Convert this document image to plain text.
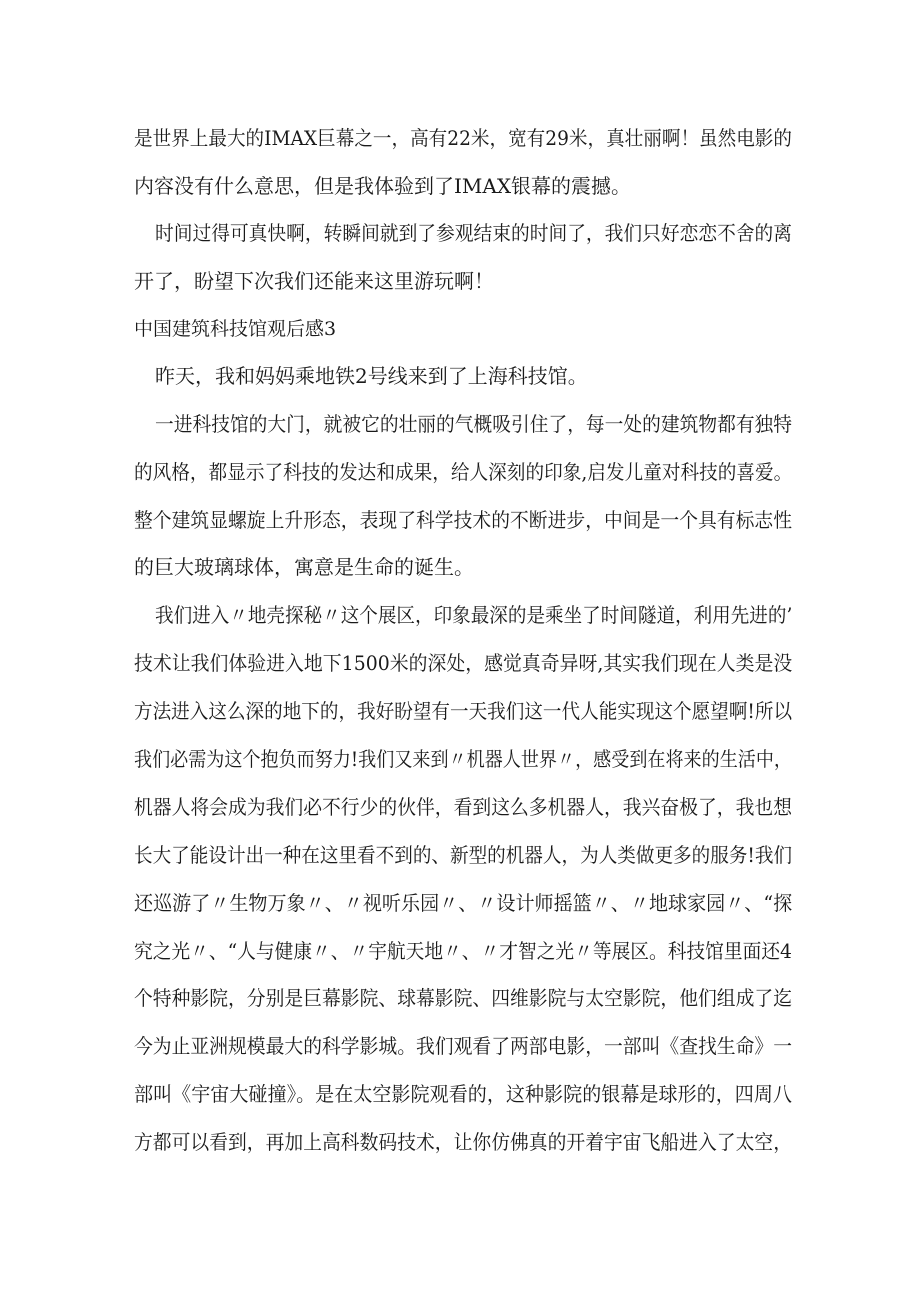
是世界上最大的IMAX巨幕之一，高有22米，宽有29米，真壮丽啊！虽然电影的

内容没有什么意思，但是我体验到了IMAX银幕的震撼。

时间过得可真快啊，转瞬间就到了参观结束的时间了，我们只好恋恋不舍的离

开了，盼望下次我们还能来这里游玩啊！

中国建筑科技馆观后感3

昨天，我和妈妈乘地铁2号线来到了上海科技馆。

一进科技馆的大门，就被它的壮丽的气概吸引住了，每一处的建筑物都有独特

的风格，都显示了科技的发达和成果，给人深刻的印象,启发儿童对科技的喜爱。

整个建筑显螺旋上升形态，表现了科学技术的不断进步，中间是一个具有标志性

的巨大玻璃球体，寓意是生命的诞生。

我们进入〃地壳探秘〃这个展区，印象最深的是乘坐了时间隧道，利用先进的’

技术让我们体验进入地下1500米的深处，感觉真奇异呀,其实我们现在人类是没

方法进入这么深的地下的，我好盼望有一天我们这一代人能实现这个愿望啊!所以

我们必需为这个抱负而努力!我们又来到〃机器人世界〃，感受到在将来的生活中，

机器人将会成为我们必不行少的伙伴，看到这么多机器人，我兴奋极了，我也想

长大了能设计出一种在这里看不到的、新型的机器人，为人类做更多的服务!我们

还巡游了〃生物万象〃、〃视听乐园〃、〃设计师摇篮〃、〃地球家园〃、“探

究之光〃、“人与健康〃、〃宇航天地〃、〃才智之光〃等展区。科技馆里面还4

个特种影院，分别是巨幕影院、球幕影院、四维影院与太空影院，他们组成了迄

今为止亚洲规模最大的科学影城。我们观看了两部电影，一部叫《查找生命》一

部叫《宇宙大碰撞》。是在太空影院观看的，这种影院的银幕是球形的，四周八

方都可以看到，再加上高科数码技术，让你仿佛真的开着宇宙飞船进入了太空，
